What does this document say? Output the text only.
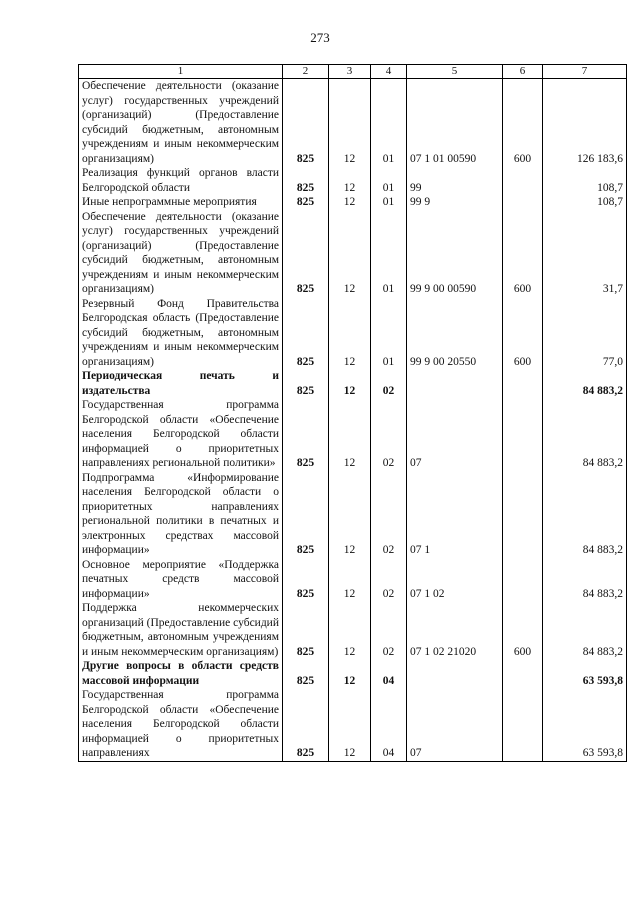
273
1	2	3	4	5	6	7
Обеспечение деятельности (оказание услуг) государственных учреждений (организаций) (Предоставление субсидий бюджетным, автономным учреждениям и иным некоммерческим организациям)	825	12	01	07 1 01 00590	600	126 183,6
Реализация функций органов власти Белгородской области	825	12	01	99		108,7
Иные непрограммные мероприятия	825	12	01	99 9		108,7
Обеспечение деятельности (оказание услуг) государственных учреждений (организаций) (Предоставление субсидий бюджетным, автономным учреждениям и иным некоммерческим организациям)	825	12	01	99 9 00 00590	600	31,7
Резервный Фонд Правительства Белгородская область (Предоставление субсидий бюджетным, автономным учреждениям и иным некоммерческим организациям)	825	12	01	99 9 00 20550	600	77,0
Периодическая печать и издательства	825	12	02			84 883,2
Государственная программа Белгородской области «Обеспечение населения Белгородской области информацией о приоритетных направлениях региональной политики»	825	12	02	07		84 883,2
Подпрограмма «Информирование населения Белгородской области о приоритетных направлениях региональной политики в печатных и электронных средствах массовой информации»	825	12	02	07 1		84 883,2
Основное мероприятие «Поддержка печатных средств массовой информации»	825	12	02	07 1 02		84 883,2
Поддержка некоммерческих организаций (Предоставление субсидий бюджетным, автономным учреждениям и иным некоммерческим организациям)	825	12	02	07 1 02 21020	600	84 883,2
Другие вопросы в области средств массовой информации	825	12	04			63 593,8
Государственная программа Белгородской области «Обеспечение населения Белгородской области информацией о приоритетных направлениях	825	12	04	07		63 593,8
